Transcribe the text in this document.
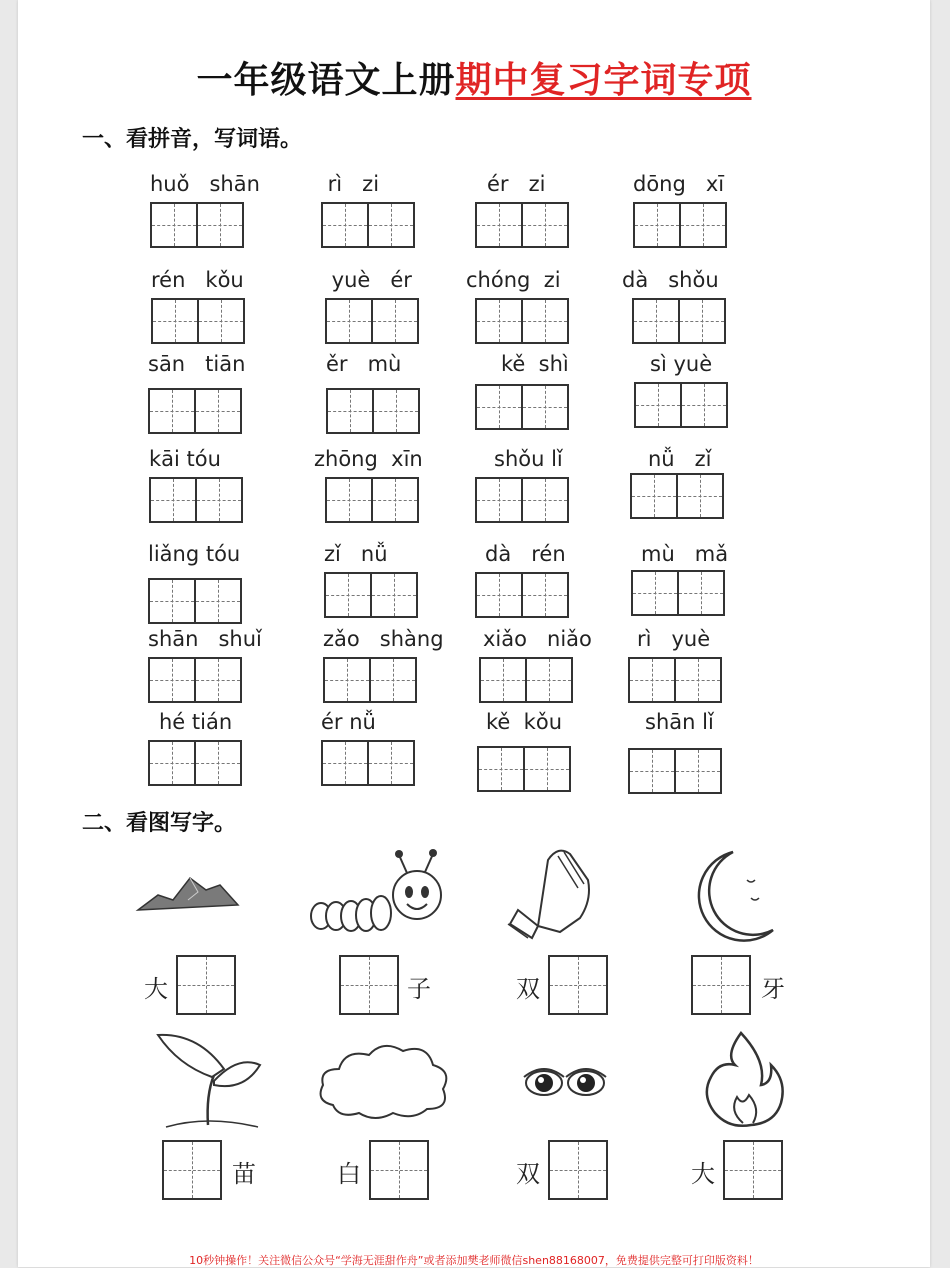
一年级语文上册期中复习字词专项
一、看拼音，写词语。
huǒ   shān	rì   zi	ér   zi	dōng   xī
rén   kǒu	yuè   ér	chóng  zi	dà   shǒu
sān   tiān	ěr   mù	kě  shì	sì yuè
kāi tóu	zhōng  xīn	shǒu lǐ	nǚ   zǐ
liǎng tóu	zǐ   nǚ	dà   rén	mù   mǎ
shān   shuǐ	zǎo   shàng	xiǎo   niǎo	rì   yuè
hé tián	ér nǚ	kě  kǒu	shān lǐ
二、看图写字。
大	子	双	牙
苗	白	双	大
10秒钟操作！关注微信公众号“学海无涯甜作舟”或者添加樊老师微信shen88168007，免费提供完整可打印版资料！
